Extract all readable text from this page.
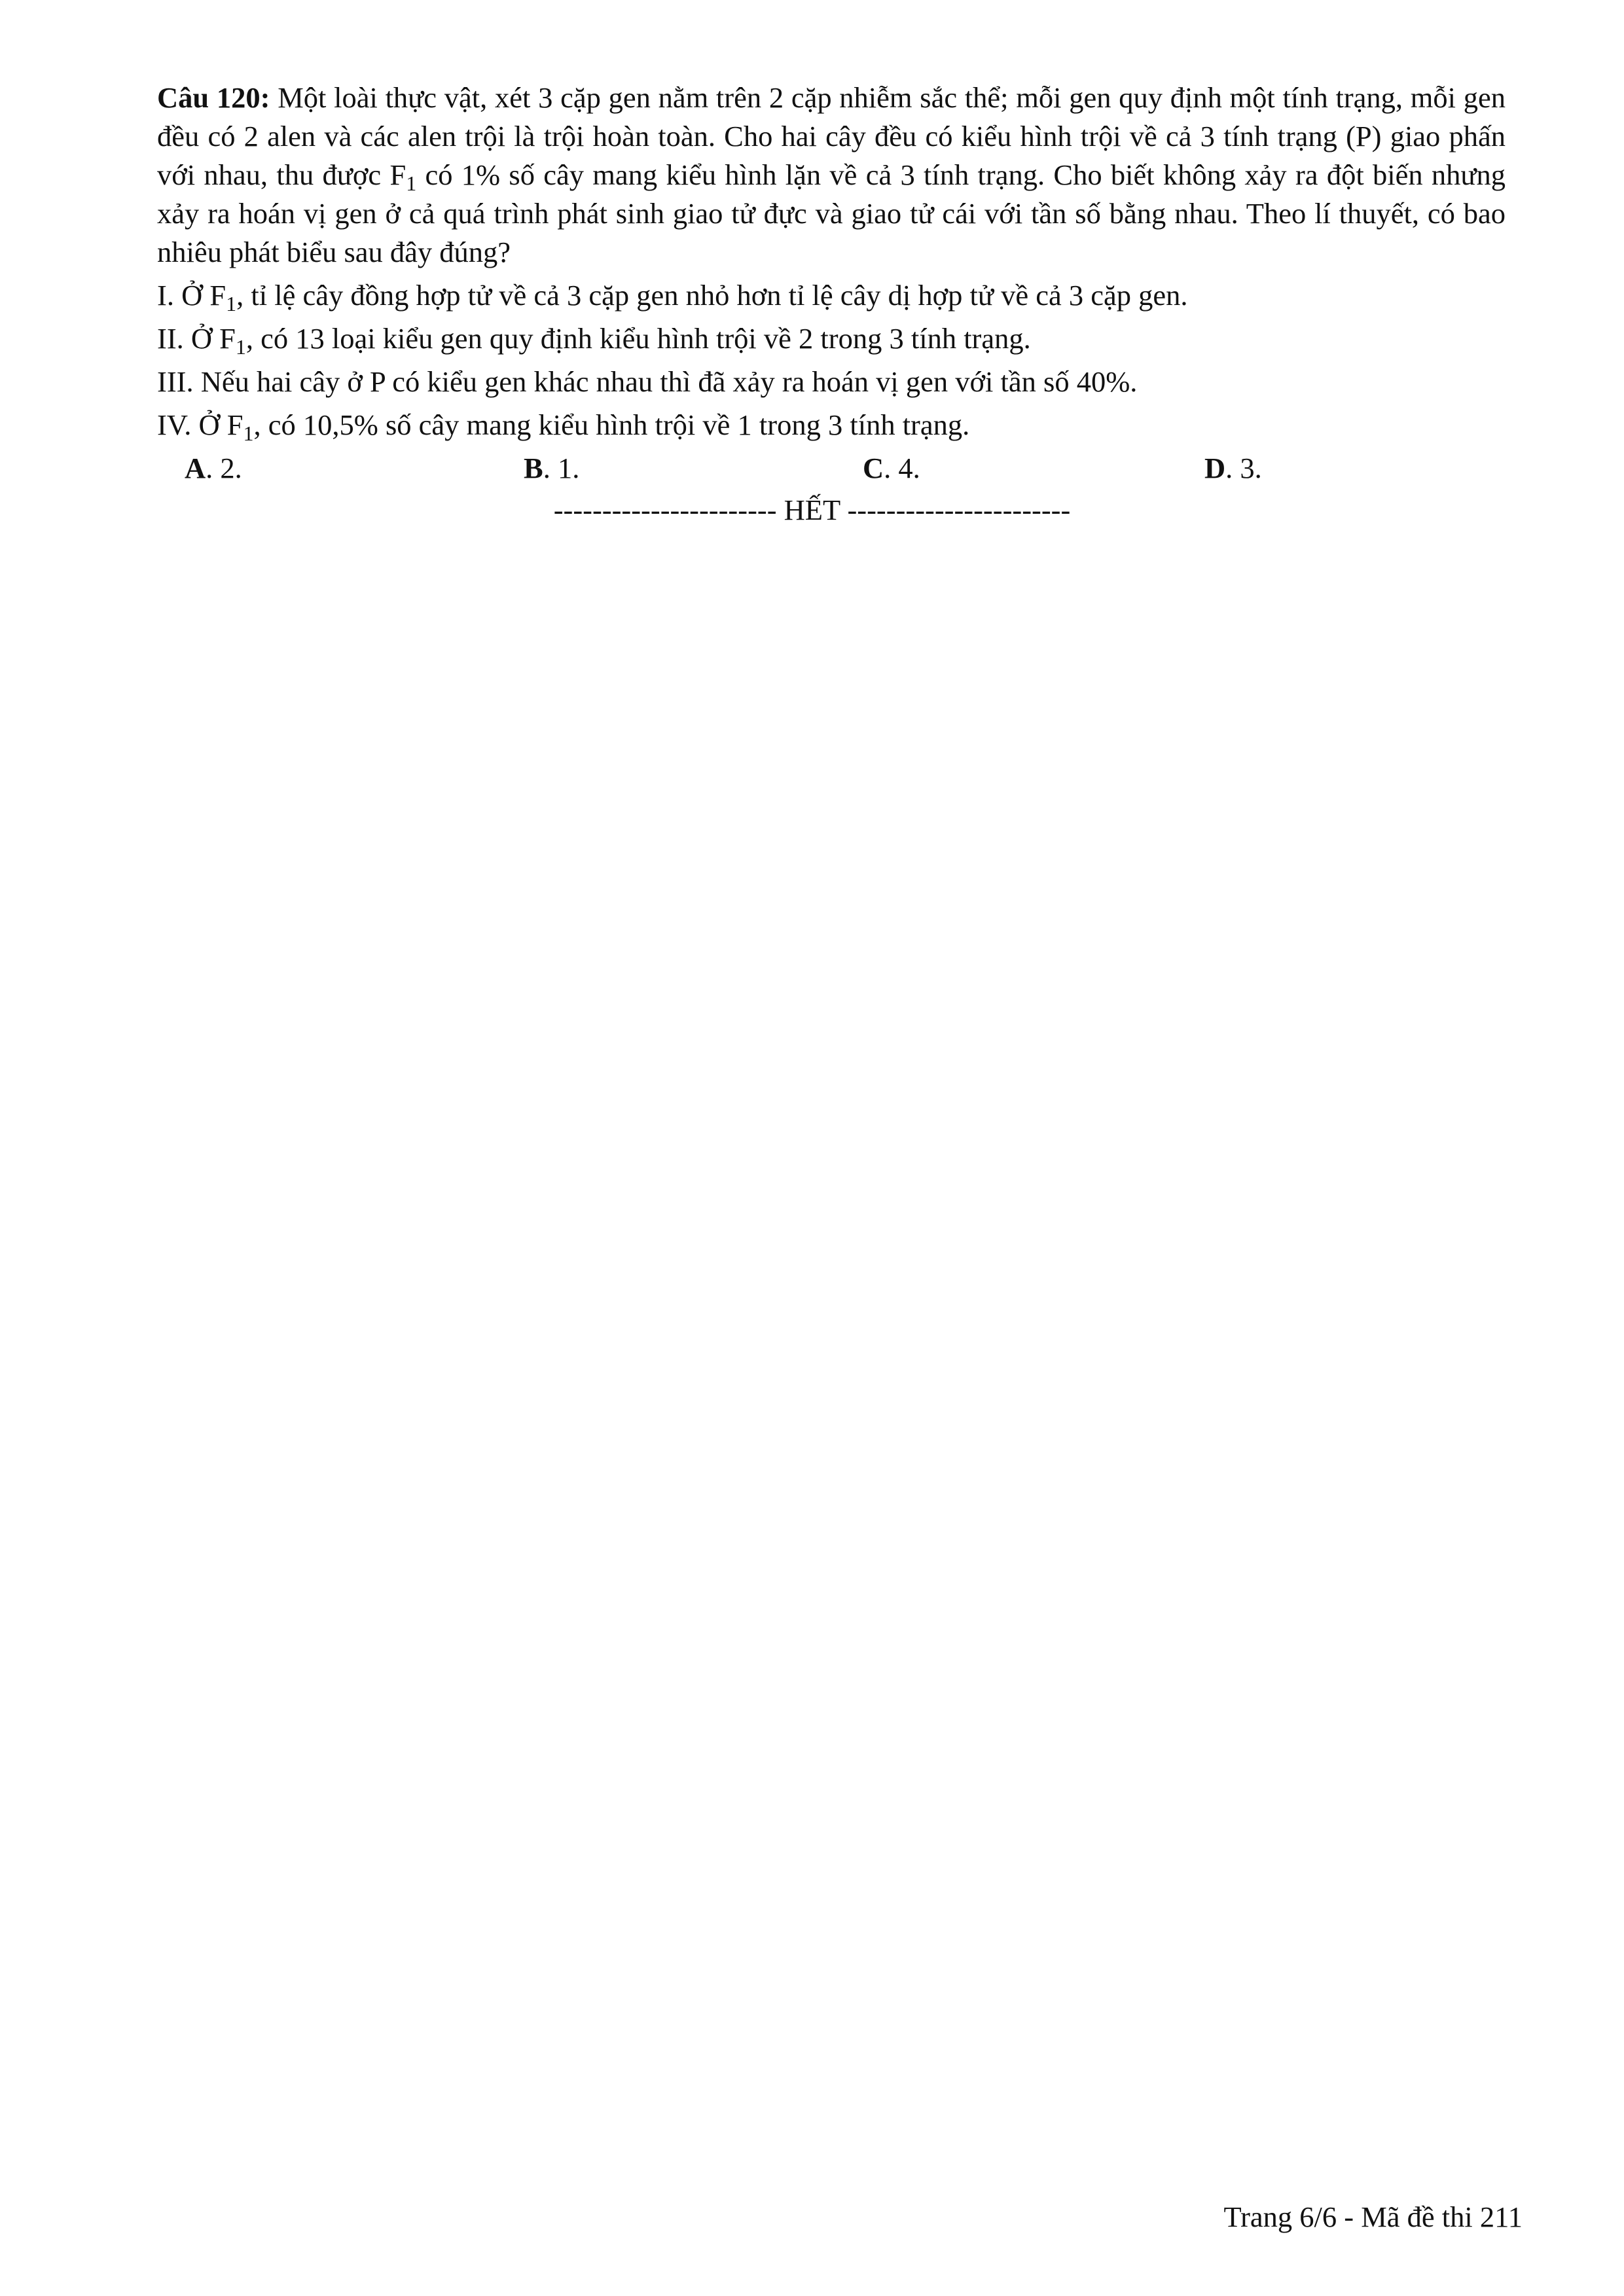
Câu 120: Một loài thực vật, xét 3 cặp gen nằm trên 2 cặp nhiễm sắc thể; mỗi gen quy định một tính trạng, mỗi gen đều có 2 alen và các alen trội là trội hoàn toàn. Cho hai cây đều có kiểu hình trội về cả 3 tính trạng (P) giao phấn với nhau, thu được $F_1$ có 1% số cây mang kiểu hình lặn về cả 3 tính trạng. Cho biết không xảy ra đột biến nhưng xảy ra hoán vị gen ở cả quá trình phát sinh giao tử đực và giao tử cái với tần số bằng nhau. Theo lí thuyết, có bao nhiêu phát biểu sau đây đúng?

I. Ở $F_1$, tỉ lệ cây đồng hợp tử về cả 3 cặp gen nhỏ hơn tỉ lệ cây dị hợp tử về cả 3 cặp gen.

II. Ở $F_1$, có 13 loại kiểu gen quy định kiểu hình trội về 2 trong 3 tính trạng.

III. Nếu hai cây ở P có kiểu gen khác nhau thì đã xảy ra hoán vị gen với tần số 40%.

IV. Ở $F_1$, có 10,5% số cây mang kiểu hình trội về 1 trong 3 tính trạng.

A. 2.	B. 1.	C. 4.	D. 3.
----------------------- HẾT -----------------------
Trang 6/6 - Mã đề thi 211
